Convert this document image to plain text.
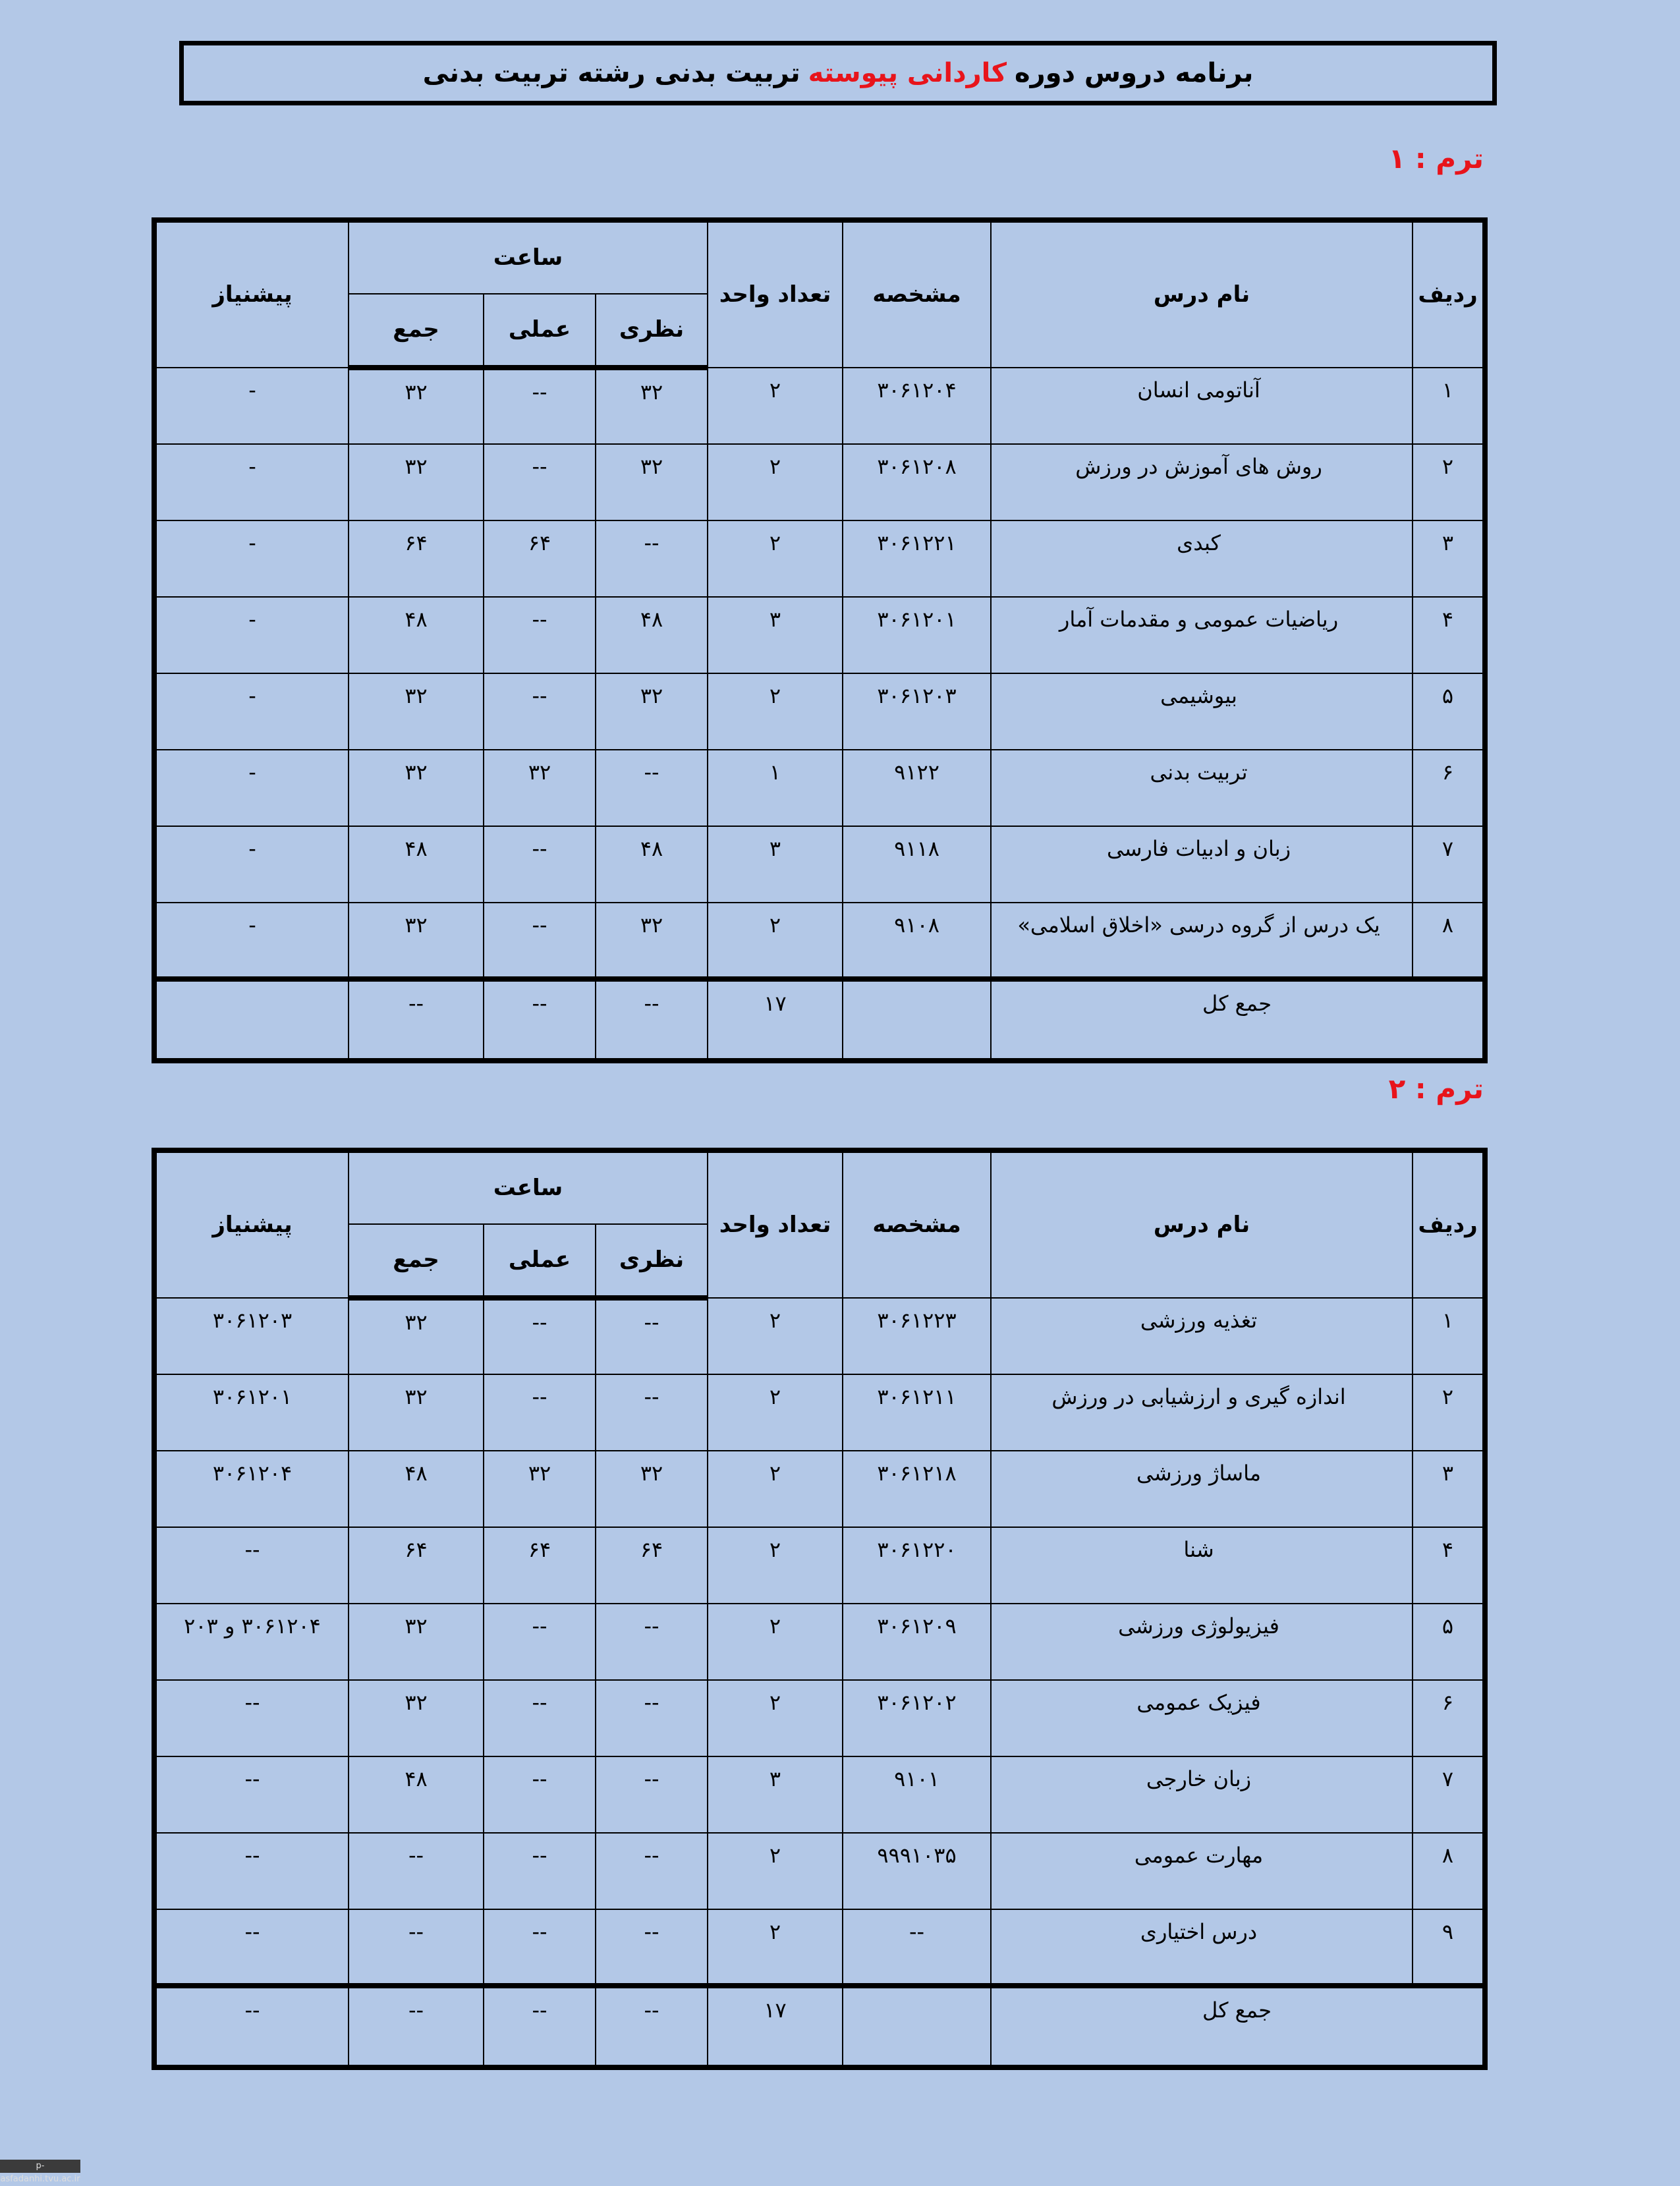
برنامه دروس دوره
کاردانی پیوسته
تربیت بدنی رشته تربیت بدنی
ترم : ۱
ردیف	نام درس	مشخصه	تعداد واحد	ساعت			پیشنیاز
				نظری	عملی	جمع	
۱	آناتومی انسان	۳۰۶۱۲۰۴	۲	۳۲	--	۳۲	-
۲	روش های آموزش در ورزش	۳۰۶۱۲۰۸	۲	۳۲	--	۳۲	-
۳	کبدی	۳۰۶۱۲۲۱	۲	--	۶۴	۶۴	-
۴	ریاضیات عمومی و مقدمات آمار	۳۰۶۱۲۰۱	۳	۴۸	--	۴۸	-
۵	بیوشیمی	۳۰۶۱۲۰۳	۲	۳۲	--	۳۲	-
۶	تربیت بدنی	۹۱۲۲	۱	--	۳۲	۳۲	-
۷	زبان و ادبیات فارسی	۹۱۱۸	۳	۴۸	--	۴۸	-
۸	یک درس از گروه درسی «اخلاق اسلامی»	۹۱۰۸	۲	۳۲	--	۳۲	-
جمع کل			۱۷	--	--	--	
ترم : ۲
ردیف	نام درس	مشخصه	تعداد واحد	ساعت			پیشنیاز
				نظری	عملی	جمع	
۱	تغذیه ورزشی	۳۰۶۱۲۲۳	۲	--	--	۳۲	۳۰۶۱۲۰۳
۲	اندازه گیری و ارزشیابی در ورزش	۳۰۶۱۲۱۱	۲	--	--	۳۲	۳۰۶۱۲۰۱
۳	ماساژ ورزشی	۳۰۶۱۲۱۸	۲	۳۲	۳۲	۴۸	۳۰۶۱۲۰۴
۴	شنا	۳۰۶۱۲۲۰	۲	۶۴	۶۴	۶۴	--
۵	فیزیولوژی ورزشی	۳۰۶۱۲۰۹	۲	--	--	۳۲	۳۰۶۱۲۰۴ و ۲۰۳
۶	فیزیک عمومی	۳۰۶۱۲۰۲	۲	--	--	۳۲	--
۷	زبان خارجی	۹۱۰۱	۳	--	--	۴۸	--
۸	مهارت عمومی	۹۹۹۱۰۳۵	۲	--	--	--	--
۹	درس اختیاری	--	۲	--	--	--	--
جمع کل			۱۷	--	--	--	--
p-asfadanhi.tvu.ac.ir
